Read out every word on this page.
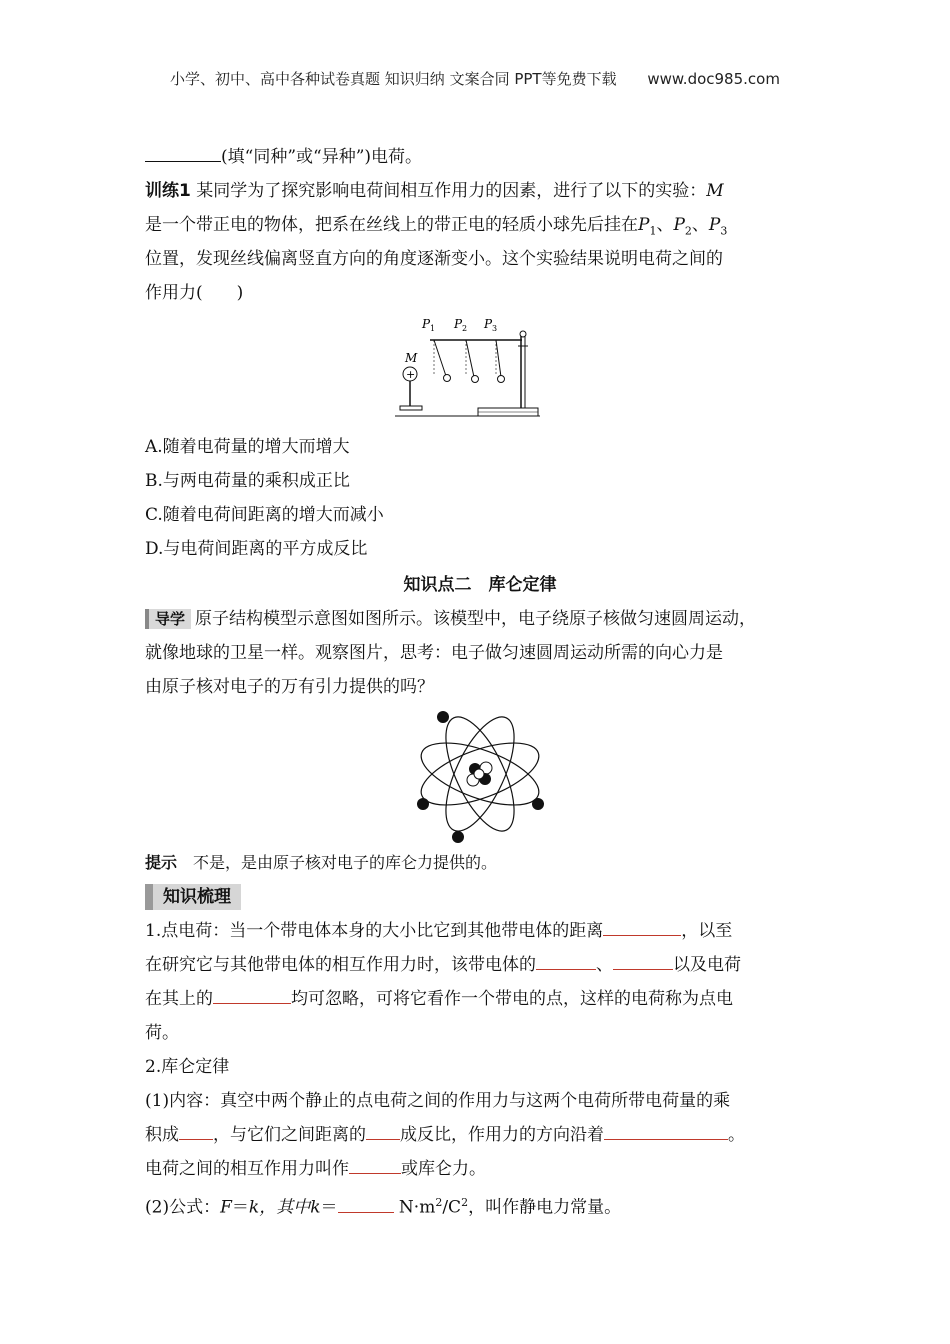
小学、初中、高中各种试卷真题 知识归纳 文案合同 PPT等免费下载 www.doc985.com
(填“同种”或“异种”)电荷。
训练1 某同学为了探究影响电荷间相互作用力的因素，进行了以下的实验：M
是一个带正电的物体，把系在丝线上的带正电的轻质小球先后挂在$P_1$、$P_2$、$P_3$
位置，发现丝线偏离竖直方向的角度逐渐变小。这个实验结果说明电荷之间的
作用力(　　)
P 1 P 2 P 3
M
+
A.随着电荷量的增大而增大
B.与两电荷量的乘积成正比
C.随着电荷间距离的增大而减小
D.与电荷间距离的平方成反比
知识点二　库仑定律
导学 原子结构模型示意图如图所示。该模型中，电子绕原子核做匀速圆周运动，
就像地球的卫星一样。观察图片，思考：电子做匀速圆周运动所需的向心力是
由原子核对电子的万有引力提供的吗？
提示　 不是，是由原子核对电子的库仑力提供的。
知识梳理
1.点电荷：当一个带电体本身的大小比它到其他带电体的距离	，以至
在研究它与其他带电体的相互作用力时，该带电体的	、	以及电荷
在其上的	均可忽略，可将它看作一个带电的点，这样的电荷称为点电
荷。
2.库仑定律
(1)内容：真空中两个静止的点电荷之间的作用力与这两个电荷所带电荷量的乘
积成 ，与它们之间距离的 成反比，作用力的方向沿着	。
电荷之间的相互作用力叫作	或库仑力。
(2)公式：F＝k，其中k＝	$N\cdot m^2/C^2$，叫作静电力常量。
